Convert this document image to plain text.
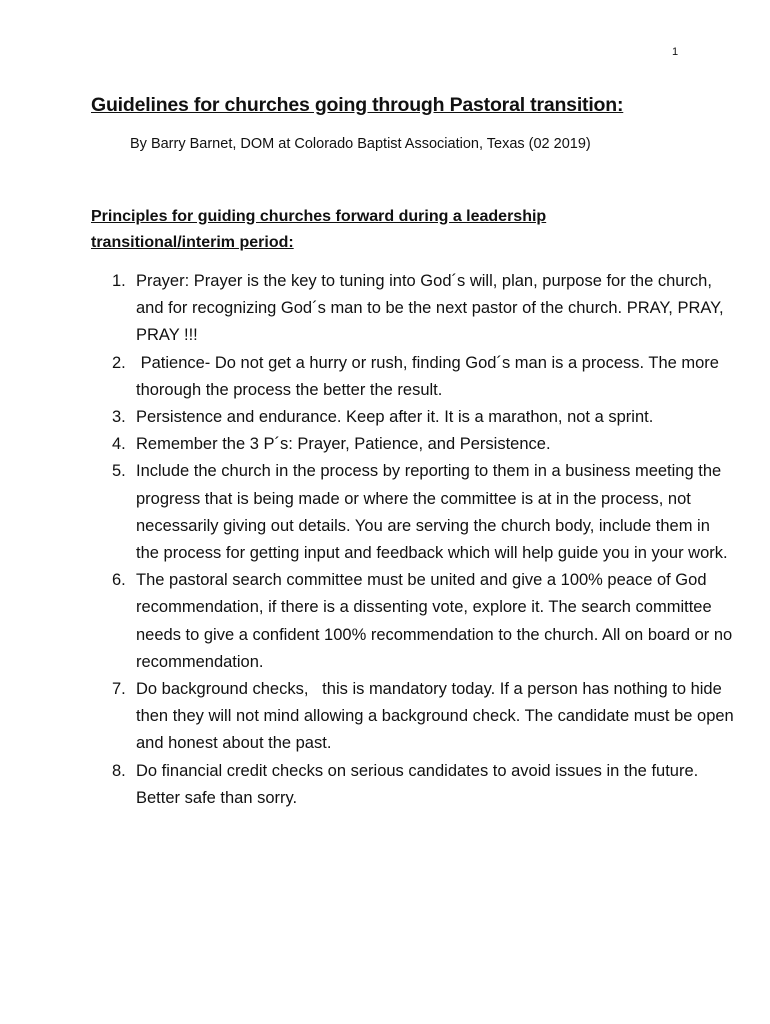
1
Guidelines for churches going through Pastoral transition:

By Barry Barnet, DOM at Colorado Baptist Association, Texas (02 2019)

Principles for guiding churches forward during a leadership transitional/interim period:
1. Prayer: Prayer is the key to tuning into God´s will, plan, purpose for the church, and for recognizing God´s man to be the next pastor of the church. PRAY, PRAY, PRAY !!!
2. Patience- Do not get a hurry or rush, finding God´s man is a process. The more thorough the process the better the result.
3. Persistence and endurance. Keep after it. It is a marathon, not a sprint.
4. Remember the 3 P´s: Prayer, Patience, and Persistence.
5. Include the church in the process by reporting to them in a business meeting the progress that is being made or where the committee is at in the process, not necessarily giving out details. You are serving the church body, include them in the process for getting input and feedback which will help guide you in your work.
6. The pastoral search committee must be united and give a 100% peace of God recommendation, if there is a dissenting vote, explore it. The search committee needs to give a confident 100% recommendation to the church. All on board or no recommendation.
7. Do background checks,   this is mandatory today. If a person has nothing to hide then they will not mind allowing a background check. The candidate must be open and honest about the past.
8. Do financial credit checks on serious candidates to avoid issues in the future. Better safe than sorry.
